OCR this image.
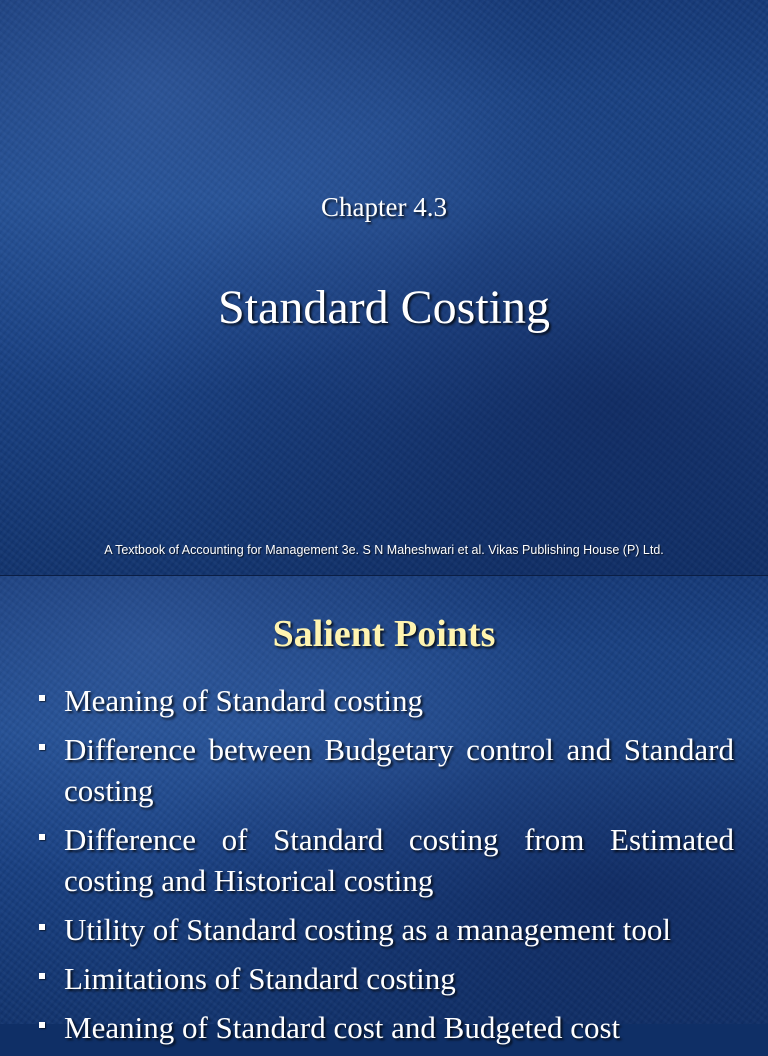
Chapter 4.3
Standard Costing
A Textbook of Accounting for Management 3e. S N Maheshwari et al. Vikas Publishing House (P) Ltd.
Salient Points
Meaning of Standard costing
Difference between Budgetary control and Standard costing
Difference of Standard costing from Estimated costing and Historical costing
Utility of Standard costing as a management tool
Limitations of Standard costing
Meaning of Standard cost and Budgeted cost
